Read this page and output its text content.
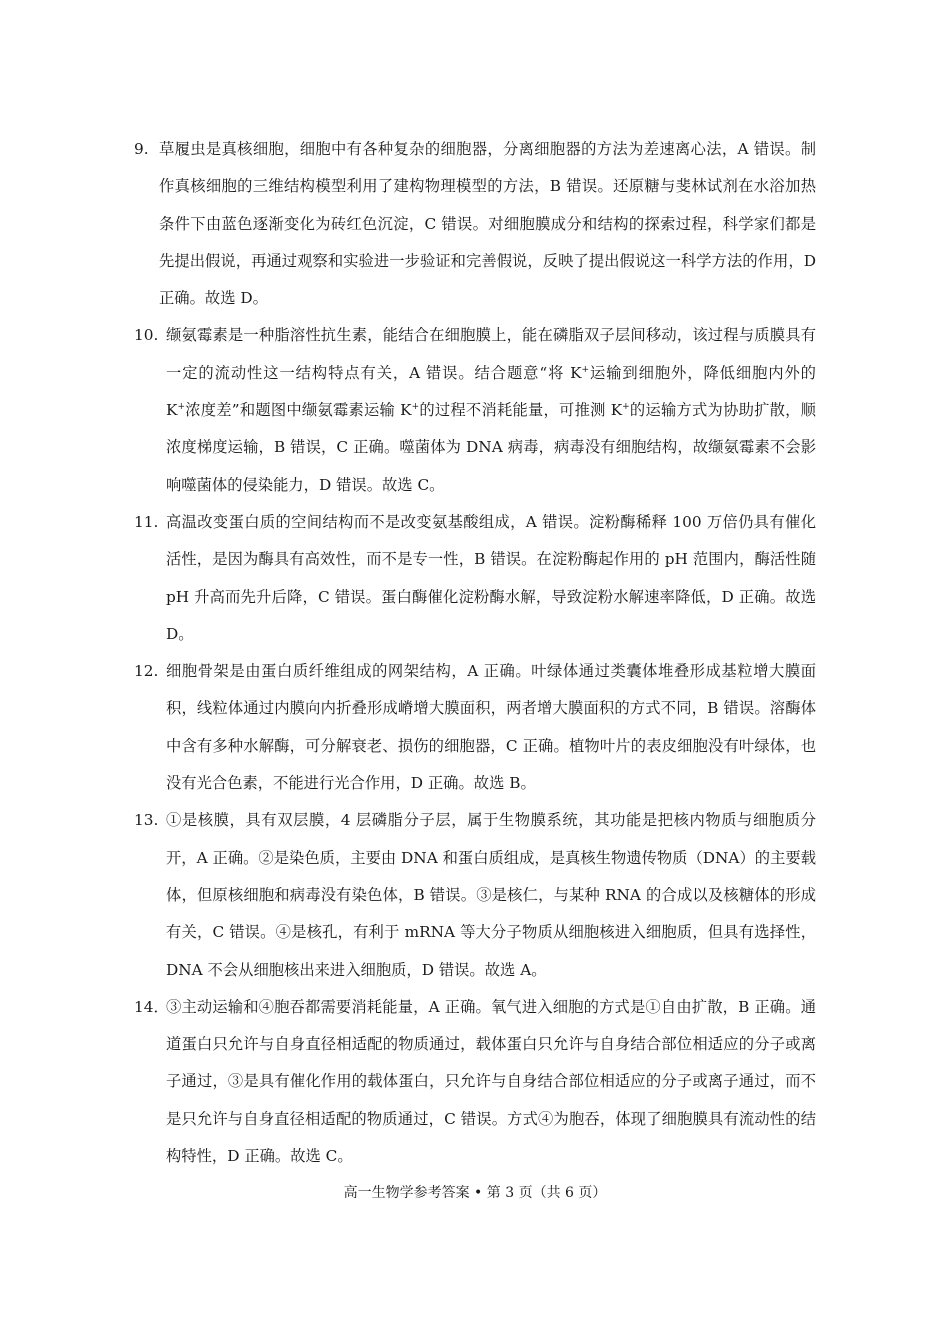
9. 草履虫是真核细胞，细胞中有各种复杂的细胞器，分离细胞器的方法为差速离心法，A 错误。制作真核细胞的三维结构模型利用了建构物理模型的方法，B 错误。还原糖与斐林试剂在水浴加热条件下由蓝色逐渐变化为砖红色沉淀，C 错误。对细胞膜成分和结构的探索过程，科学家们都是先提出假说，再通过观察和实验进一步验证和完善假说，反映了提出假说这一科学方法的作用，D 正确。故选 D。

10. 缬氨霉素是一种脂溶性抗生素，能结合在细胞膜上，能在磷脂双子层间移动，该过程与质膜具有一定的流动性这一结构特点有关，A 错误。结合题意“将 K+运输到细胞外，降低细胞内外的 K+浓度差”和题图中缬氨霉素运输 K+的过程不消耗能量，可推测 K+的运输方式为协助扩散，顺浓度梯度运输，B 错误，C 正确。噬菌体为 DNA 病毒，病毒没有细胞结构，故缬氨霉素不会影响噬菌体的侵染能力，D 错误。故选 C。

11. 高温改变蛋白质的空间结构而不是改变氨基酸组成，A 错误。淀粉酶稀释 100 万倍仍具有催化活性，是因为酶具有高效性，而不是专一性，B 错误。在淀粉酶起作用的 pH 范围内，酶活性随 pH 升高而先升后降，C 错误。蛋白酶催化淀粉酶水解，导致淀粉水解速率降低，D 正确。故选 D。

12. 细胞骨架是由蛋白质纤维组成的网架结构，A 正确。叶绿体通过类囊体堆叠形成基粒增大膜面积，线粒体通过内膜向内折叠形成嵴增大膜面积，两者增大膜面积的方式不同，B 错误。溶酶体中含有多种水解酶，可分解衰老、损伤的细胞器，C 正确。植物叶片的表皮细胞没有叶绿体，也没有光合色素，不能进行光合作用，D 正确。故选 B。

13. ①是核膜，具有双层膜，4 层磷脂分子层，属于生物膜系统，其功能是把核内物质与细胞质分开，A 正确。②是染色质，主要由 DNA 和蛋白质组成，是真核生物遗传物质（DNA）的主要载体，但原核细胞和病毒没有染色体，B 错误。③是核仁，与某种 RNA 的合成以及核糖体的形成有关，C 错误。④是核孔，有利于 mRNA 等大分子物质从细胞核进入细胞质，但具有选择性，DNA 不会从细胞核出来进入细胞质，D 错误。故选 A。

14．
③主动运输和④胞吞都需要消耗能量，A 正确。氧气进入细胞的方式是①自由扩散，B 正确。通道蛋白只允许与自身直径相适配的物质通过，载体蛋白只允许与自身结合部位相适应的分子或离子通过，③是具有催化作用的载体蛋白，只允许与自身结合部位相适应的分子或离子通过，而不是只允许与自身直径相适配的物质通过，C 错误。方式④为胞吞，体现了细胞膜具有流动性的结构特性，D 正确。故选 C。

高一生物学参考答案 • 第 3 页（共 6 页）
